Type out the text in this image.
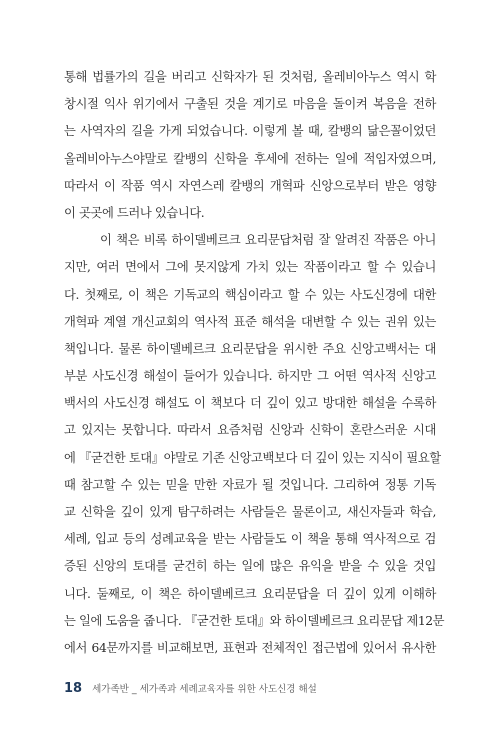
통해 법률가의 길을 버리고 신학자가 된 것처럼, 올레비아누스 역시 학
창시절 익사 위기에서 구출된 것을 계기로 마음을 돌이켜 복음을 전하
는 사역자의 길을 가게 되었습니다. 이렇게 볼 때, 칼뱅의 닮은꼴이었던
올레비아누스야말로 칼뱅의 신학을 후세에 전하는 일에 적임자였으며,
따라서 이 작품 역시 자연스레 칼뱅의 개혁파 신앙으로부터 받은 영향
이 곳곳에 드러나 있습니다.
이 책은 비록 하이델베르크 요리문답처럼 잘 알려진 작품은 아니
지만, 여러 면에서 그에 못지않게 가치 있는 작품이라고 할 수 있습니
다. 첫째로, 이 책은 기독교의 핵심이라고 할 수 있는 사도신경에 대한
개혁파 계열 개신교회의 역사적 표준 해석을 대변할 수 있는 권위 있는
책입니다. 물론 하이델베르크 요리문답을 위시한 주요 신앙고백서는 대
부분 사도신경 해설이 들어가 있습니다. 하지만 그 어떤 역사적 신앙고
백서의 사도신경 해설도 이 책보다 더 깊이 있고 방대한 해설을 수록하
고 있지는 못합니다. 따라서 요즘처럼 신앙과 신학이 혼란스러운 시대
에 『굳건한 토대』야말로 기존 신앙고백보다 더 깊이 있는 지식이 필요할
때 참고할 수 있는 믿을 만한 자료가 될 것입니다. 그리하여 정통 기독
교 신학을 깊이 있게 탐구하려는 사람들은 물론이고, 새신자들과 학습,
세례, 입교 등의 성례교육을 받는 사람들도 이 책을 통해 역사적으로 검
증된 신앙의 토대를 굳건히 하는 일에 많은 유익을 받을 수 있을 것입
니다. 둘째로, 이 책은 하이델베르크 요리문답을 더 깊이 있게 이해하
는 일에 도움을 줍니다. 『굳건한 토대』와 하이델베르크 요리문답 제12문
에서 64문까지를 비교해보면, 표현과 전체적인 접근법에 있어서 유사한
18 세가족반 _ 세가족과 세례교육자를 위한 사도신경 해설
